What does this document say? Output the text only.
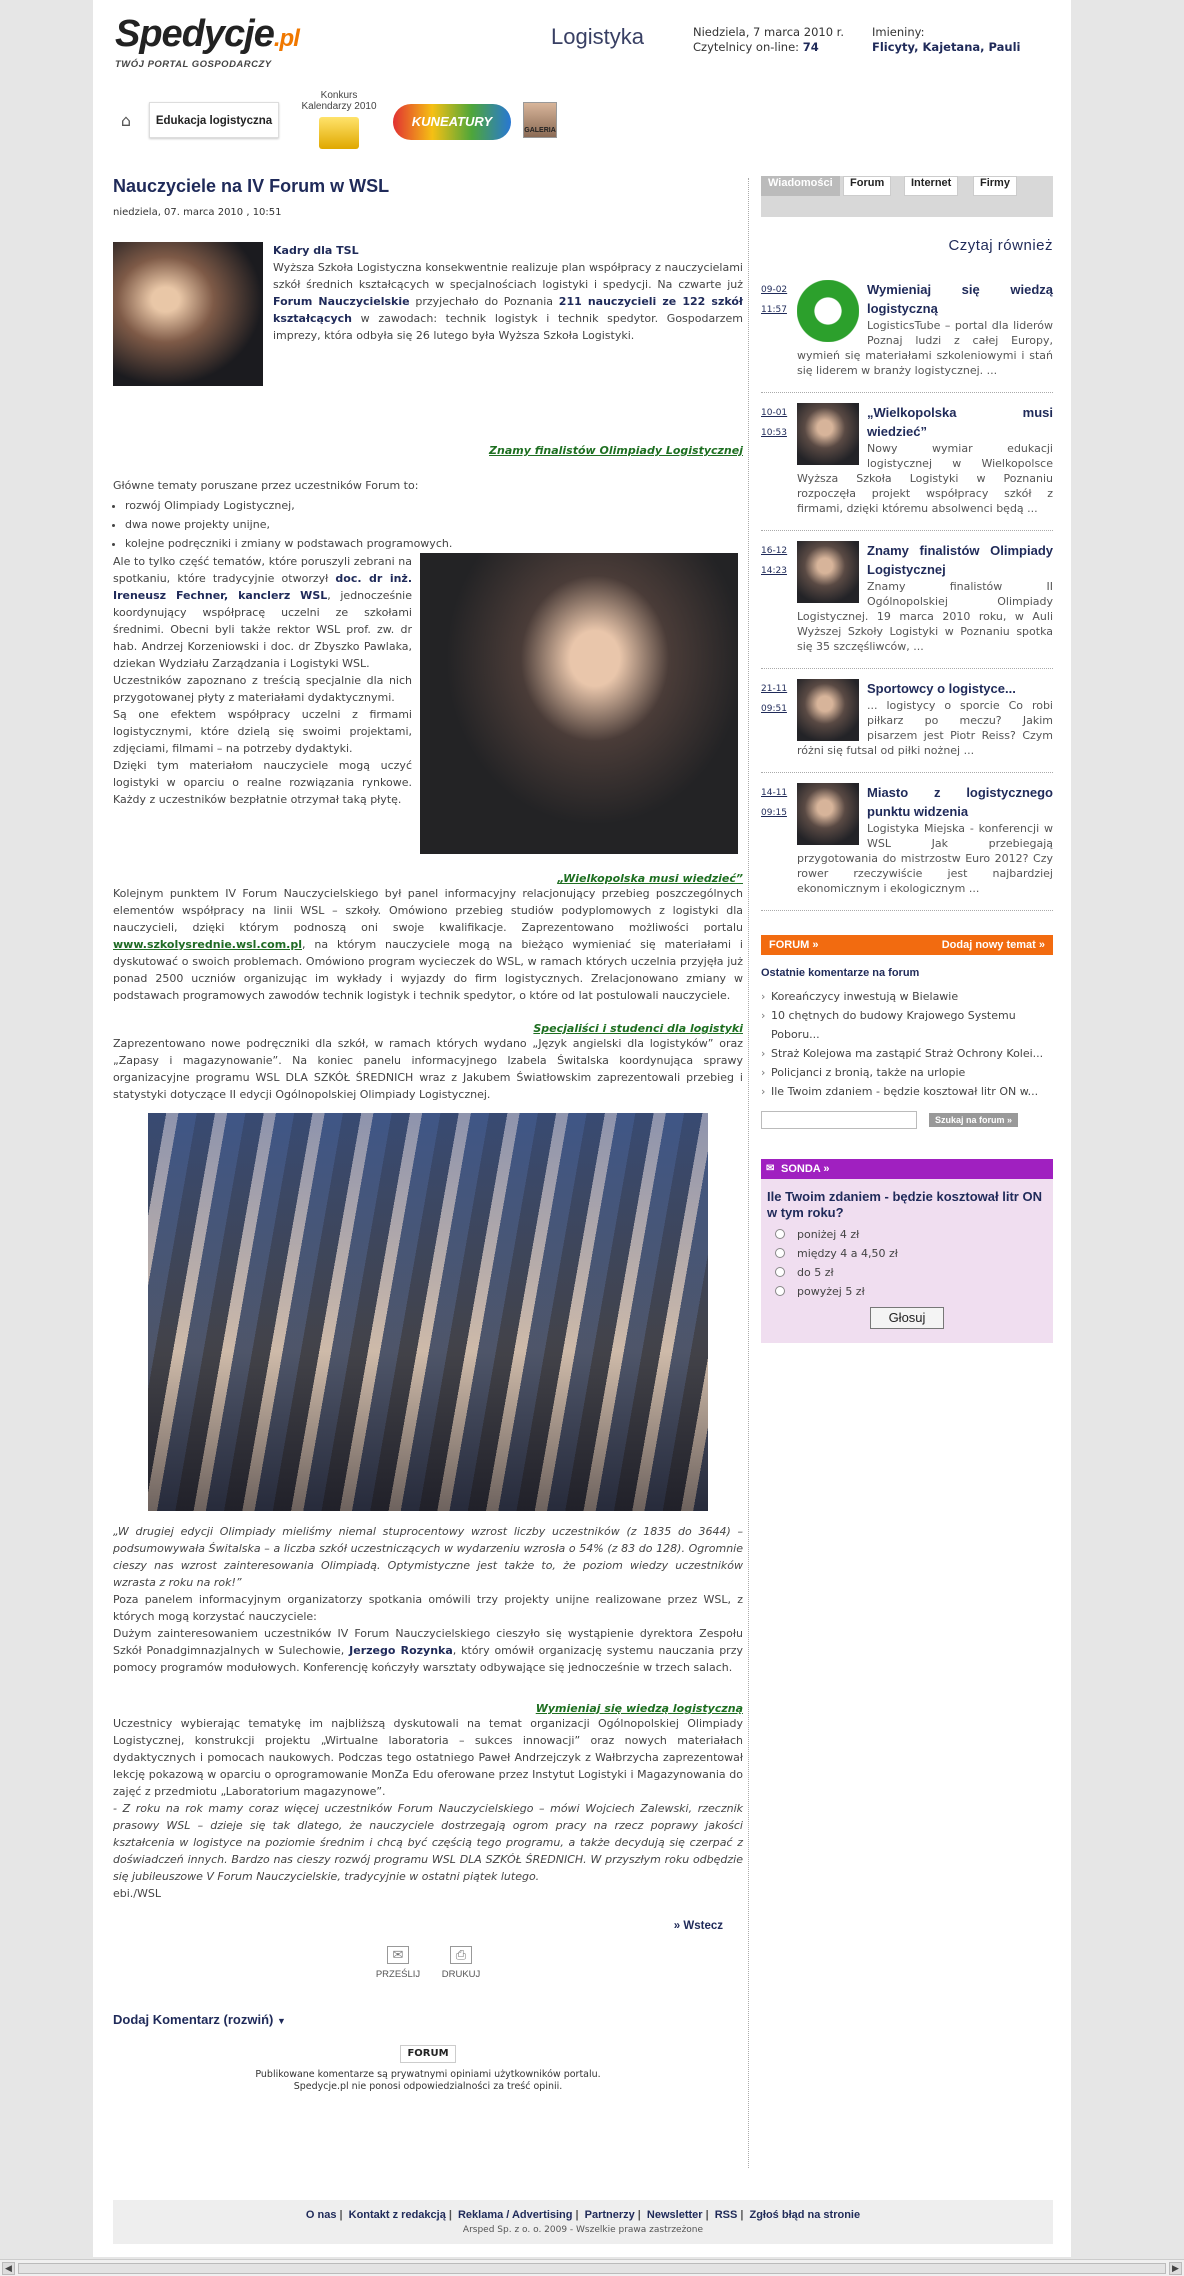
Spedycje.pl
TWÓJ PORTAL GOSPODARCZY
Logistyka	Niedziela, 7 marca 2010 r.
Czytelnicy on-line: 74
Imieniny:
Flicyty, Kajetana, Pauli
⌂	Edukacja logistyczna
Konkurs
Kalendarzy 2010
KUNEATURY
GALERIA
Nauczyciele na IV Forum w WSL
niedziela, 07. marca 2010 , 10:51
Kadry dla TSL
Wyższa Szkoła Logistyczna konsekwentnie realizuje plan współpracy z nauczycielami szkół średnich kształcących w specjalnościach logistyki i spedycji. Na czwarte już Forum Nauczycielskie przyjechało do Poznania 211 nauczycieli ze 122 szkół kształcących w zawodach: technik logistyk i technik spedytor. Gospodarzem imprezy, która odbyła się 26 lutego była Wyższa Szkoła Logistyki.
Znamy finalistów Olimpiady Logistycznej
Główne tematy poruszane przez uczestników Forum to:
• rozwój Olimpiady Logistycznej,
• dwa nowe projekty unijne,
• kolejne podręczniki i zmiany w podstawach programowych.

Ale to tylko część tematów, które poruszyli zebrani na spotkaniu, które tradycyjnie otworzył doc. dr inż. Ireneusz Fechner, kanclerz WSL, jednocześnie koordynujący współpracę uczelni ze szkołami średnimi. Obecni byli także rektor WSL prof. zw. dr hab. Andrzej Korzeniowski i doc. dr Zbyszko Pawlaka, dziekan Wydziału Zarządzania i Logistyki WSL.

Uczestników zapoznano z treścią specjalnie dla nich przygotowanej płyty z materiałami dydaktycznymi.

Są one efektem współpracy uczelni z firmami logistycznymi, które dzielą się swoimi projektami, zdjęciami, filmami – na potrzeby dydaktyki.

Dzięki tym materiałom nauczyciele mogą uczyć logistyki w oparciu o realne rozwiązania rynkowe. Każdy z uczestników bezpłatnie otrzymał taką płytę.

„Wielkopolska musi wiedzieć”

Kolejnym punktem IV Forum Nauczycielskiego był panel informacyjny relacjonujący przebieg poszczególnych elementów współpracy na linii WSL – szkoły. Omówiono przebieg studiów podyplomowych z logistyki dla nauczycieli, dzięki którym podnoszą oni swoje kwalifikacje. Zaprezentowano możliwości portalu www.szkolysrednie.wsl.com.pl, na którym nauczyciele mogą na bieżąco wymieniać się materiałami i dyskutować o swoich problemach. Omówiono program wycieczek do WSL, w ramach których uczelnia przyjęła już ponad 2500 uczniów organizując im wykłady i wyjazdy do firm logistycznych. Zrelacjonowano zmiany w podstawach programowych zawodów technik logistyk i technik spedytor, o które od lat postulowali nauczyciele.

Specjaliści i studenci dla logistyki

Zaprezentowano nowe podręczniki dla szkół, w ramach których wydano „Język angielski dla logistyków” oraz „Zapasy i magazynowanie”. Na koniec panelu informacyjnego Izabela Świtalska koordynująca sprawy organizacyjne programu WSL DLA SZKÓŁ ŚREDNICH wraz z Jakubem Światłowskim zaprezentowali przebieg i statystyki dotyczące II edycji Ogólnopolskiej Olimpiady Logistycznej.

„W drugiej edycji Olimpiady mieliśmy niemal stuprocentowy wzrost liczby uczestników (z 1835 do 3644) – podsumowywała Świtalska – a liczba szkół uczestniczących w wydarzeniu wzrosła o 54% (z 83 do 128). Ogromnie cieszy nas wzrost zainteresowania Olimpiadą. Optymistyczne jest także to, że poziom wiedzy uczestników wzrasta z roku na rok!”

Poza panelem informacyjnym organizatorzy spotkania omówili trzy projekty unijne realizowane przez WSL, z których mogą korzystać nauczyciele:

Dużym zainteresowaniem uczestników IV Forum Nauczycielskiego cieszyło się wystąpienie dyrektora Zespołu Szkół Ponadgimnazjalnych w Sulechowie, Jerzego Rozynka, który omówił organizację systemu nauczania przy pomocy programów modułowych. Konferencję kończyły warsztaty odbywające się jednocześnie w trzech salach.

Wymieniaj się wiedzą logistyczną

Uczestnicy wybierając tematykę im najbliższą dyskutowali na temat organizacji Ogólnopolskiej Olimpiady Logistycznej, konstrukcji projektu „Wirtualne laboratoria – sukces innowacji” oraz nowych materiałach dydaktycznych i pomocach naukowych. Podczas tego ostatniego Paweł Andrzejczyk z Wałbrzycha zaprezentował lekcję pokazową w oparciu o oprogramowanie MonZa Edu oferowane przez Instytut Logistyki i Magazynowania do zajęć z przedmiotu „Laboratorium magazynowe”.

- Z roku na rok mamy coraz więcej uczestników Forum Nauczycielskiego – mówi Wojciech Zalewski, rzecznik prasowy WSL – dzieje się tak dlatego, że nauczyciele dostrzegają ogrom pracy na rzecz poprawy jakości kształcenia w logistyce na poziomie średnim i chcą być częścią tego programu, a także decydują się czerpać z doświadczeń innych. Bardzo nas cieszy rozwój programu WSL DLA SZKÓŁ ŚREDNICH. W przyszłym roku odbędzie się jubileuszowe V Forum Nauczycielskie, tradycyjnie w ostatni piątek lutego.

ebi./WSL

» Wstecz
✉
PRZEŚLIJ
⎙
DRUKUJ
Dodaj Komentarz (rozwiń) ▼
FORUM
Publikowane komentarze są prywatnymi opiniami użytkowników portalu.
Spedycje.pl nie ponosi odpowiedzialności za treść opinii.
Wiadomości	Forum	Internet	Firmy
Czytaj również
09-02
11:57
Wymieniaj się wiedzą logistyczną

LogisticsTube – portal dla liderów Poznaj ludzi z całej Europy, wymień się materiałami szkoleniowymi i stań się liderem w branży logistycznej. ...

10-01
10:53
„Wielkopolska musi wiedzieć”

Nowy wymiar edukacji logistycznej w Wielkopolsce Wyższa Szkoła Logistyki w Poznaniu rozpoczęła projekt współpracy szkół z firmami, dzięki któremu absolwenci będą ...

16-12
14:23
Znamy finalistów Olimpiady Logistycznej

Znamy finalistów II Ogólnopolskiej Olimpiady Logistycznej. 19 marca 2010 roku, w Auli Wyższej Szkoły Logistyki w Poznaniu spotka się 35 szczęśliwców, ...

21-11
09:51
Sportowcy o logistyce...

... logistycy o sporcie Co robi piłkarz po meczu? Jakim pisarzem jest Piotr Reiss? Czym różni się futsal od piłki nożnej ...

14-11
09:15
Miasto z logistycznego punktu widzenia

Logistyka Miejska - konferencji w WSL Jak przebiegają przygotowania do mistrzostw Euro 2012? Czy rower rzeczywiście jest najbardziej ekonomicznym i ekologicznym ...

FORUM »	Dodaj nowy temat »
Ostatnie komentarze na forum
› Koreańczycy inwestują w Bielawie
› 10 chętnych do budowy Krajowego Systemu Poboru...
› Straż Kolejowa ma zastąpić Straż Ochrony Kolei...
› Policjanci z bronią, także na urlopie
› Ile Twoim zdaniem - będzie kosztował litr ON w...
Szukaj na forum »
✉ SONDA »
Ile Twoim zdaniem - będzie kosztował litr ON w tym roku?
poniżej 4 zł
między 4 a 4,50 zł
do 5 zł
powyżej 5 zł
Głosuj
O nas | Kontakt z redakcją | Reklama / Advertising | Partnerzy | Newsletter | RSS | Zgłoś błąd na stronie
Arsped Sp. z o. o. 2009 - Wszelkie prawa zastrzeżone
◀	▶
